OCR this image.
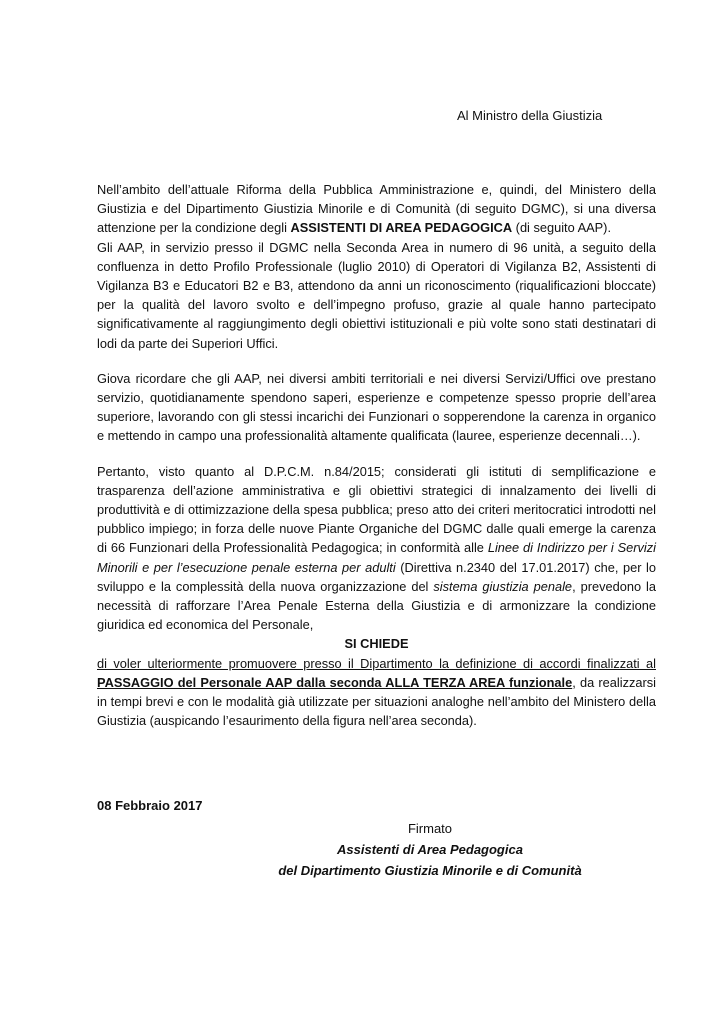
Al Ministro della Giustizia

Nell’ambito dell’attuale Riforma della Pubblica Amministrazione e, quindi, del Ministero della Giustizia e del Dipartimento Giustizia Minorile e di Comunità (di seguito DGMC), si una diversa attenzione per la condizione degli ASSISTENTI DI AREA PEDAGOGICA (di seguito AAP).

Gli AAP, in servizio presso il DGMC nella Seconda Area in numero di 96 unità, a seguito della confluenza in detto Profilo Professionale (luglio 2010) di Operatori di Vigilanza B2, Assistenti di Vigilanza B3 e Educatori B2 e B3, attendono da anni un riconoscimento (riqualificazioni bloccate) per la qualità del lavoro svolto e dell’impegno profuso, grazie al quale hanno partecipato significativamente al raggiungimento degli obiettivi istituzionali e più volte sono stati destinatari di lodi da parte dei Superiori Uffici.

Giova ricordare che gli AAP, nei diversi ambiti territoriali e nei diversi Servizi/Uffici ove prestano servizio, quotidianamente spendono saperi, esperienze e competenze spesso proprie dell’area superiore, lavorando con gli stessi incarichi dei Funzionari o sopperendone la carenza in organico e mettendo in campo una professionalità altamente qualificata (lauree, esperienze decennali…).

Pertanto, visto quanto al D.P.C.M. n.84/2015; considerati gli istituti di semplificazione e trasparenza dell’azione amministrativa e gli obiettivi strategici di innalzamento dei livelli di produttività e di ottimizzazione della spesa pubblica; preso atto dei criteri meritocratici introdotti nel pubblico impiego; in forza delle nuove Piante Organiche del DGMC dalle quali emerge la carenza di 66 Funzionari della Professionalità Pedagogica; in conformità alle Linee di Indirizzo per i Servizi Minorili e per l’esecuzione penale esterna per adulti (Direttiva n.2340 del 17.01.2017) che, per lo sviluppo e la complessità della nuova organizzazione del sistema giustizia penale, prevedono la necessità di rafforzare l’Area Penale Esterna della Giustizia e di armonizzare la condizione giuridica ed economica del Personale,

SI CHIEDE

di voler ulteriormente promuovere presso il Dipartimento la definizione di accordi finalizzati al PASSAGGIO del Personale AAP dalla seconda ALLA TERZA AREA funzionale, da realizzarsi in tempi brevi e con le modalità già utilizzate per situazioni analoghe nell’ambito del Ministero della Giustizia (auspicando l’esaurimento della figura nell’area seconda).

08 Febbraio 2017
Firmato
Assistenti di Area Pedagogica
del Dipartimento Giustizia Minorile e di Comunità
